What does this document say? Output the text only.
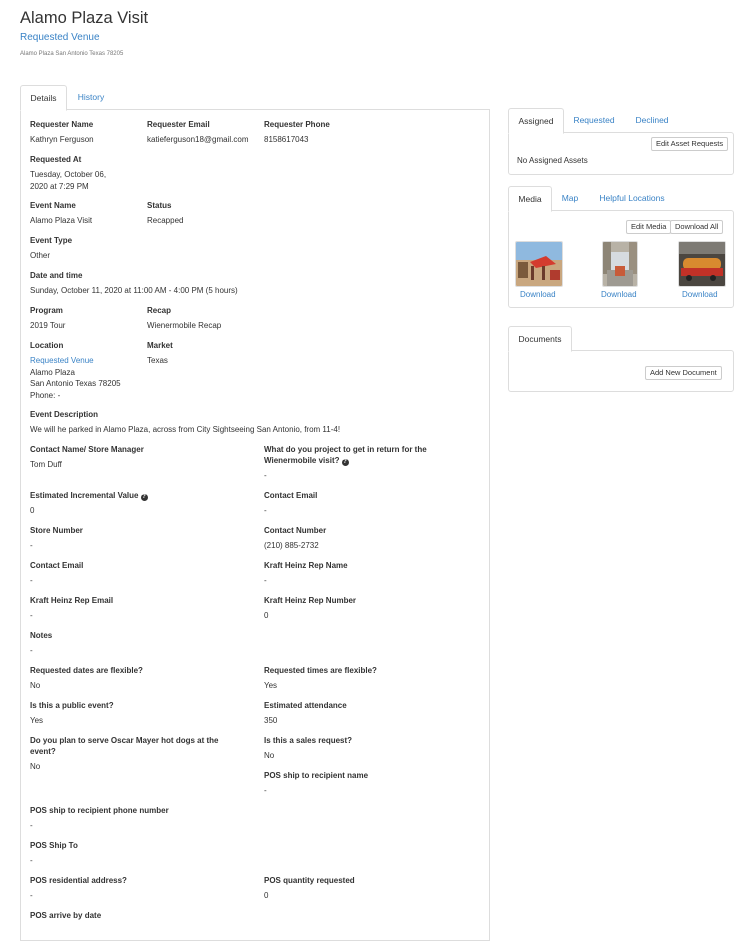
Alamo Plaza Visit
Requested Venue
Alamo Plaza San Antonio Texas 78205
Details	History
Requester Name
Kathryn Ferguson
Requester Email
katieferguson18@gmail.com
Requester Phone
8158617043
Requested At
Tuesday, October 06,
2020 at 7:29 PM
Event Name
Alamo Plaza Visit
Status
Recapped
Event Type
Other
Date and time
Sunday, October 11, 2020 at 11:00 AM - 4:00 PM (5 hours)
Program
2019 Tour
Recap
Wienermobile Recap
Location
Requested Venue
Alamo Plaza
San Antonio Texas 78205
Phone: -
Market
Texas
Event Description
We will he parked in Alamo Plaza, across from City Sightseeing San Antonio, from 11-4!
Contact Name/ Store Manager
Tom Duff
What do you project to get in return for the
Wienermobile visit? ?
-
Estimated Incremental Value ?
0
Contact Email
-
Store Number
-
Contact Number
(210) 885-2732
Contact Email
-
Kraft Heinz Rep Name
-
Kraft Heinz Rep Email
-
Kraft Heinz Rep Number
0
Notes
-
Requested dates are flexible?
No
Requested times are flexible?
Yes
Is this a public event?
Yes
Estimated attendance
350
Do you plan to serve Oscar Mayer hot dogs at the
event?
No
Is this a sales request?
No
POS ship to recipient name
-
POS ship to recipient phone number
-
POS Ship To
-
POS residential address?
-
POS quantity requested
0
POS arrive by date
Assigned	Requested	Declined
Edit Asset Requests
No Assigned Assets
Media	Map	Helpful Locations
Edit Media	Download All
Download	Download	Download
Documents
Add New Document
